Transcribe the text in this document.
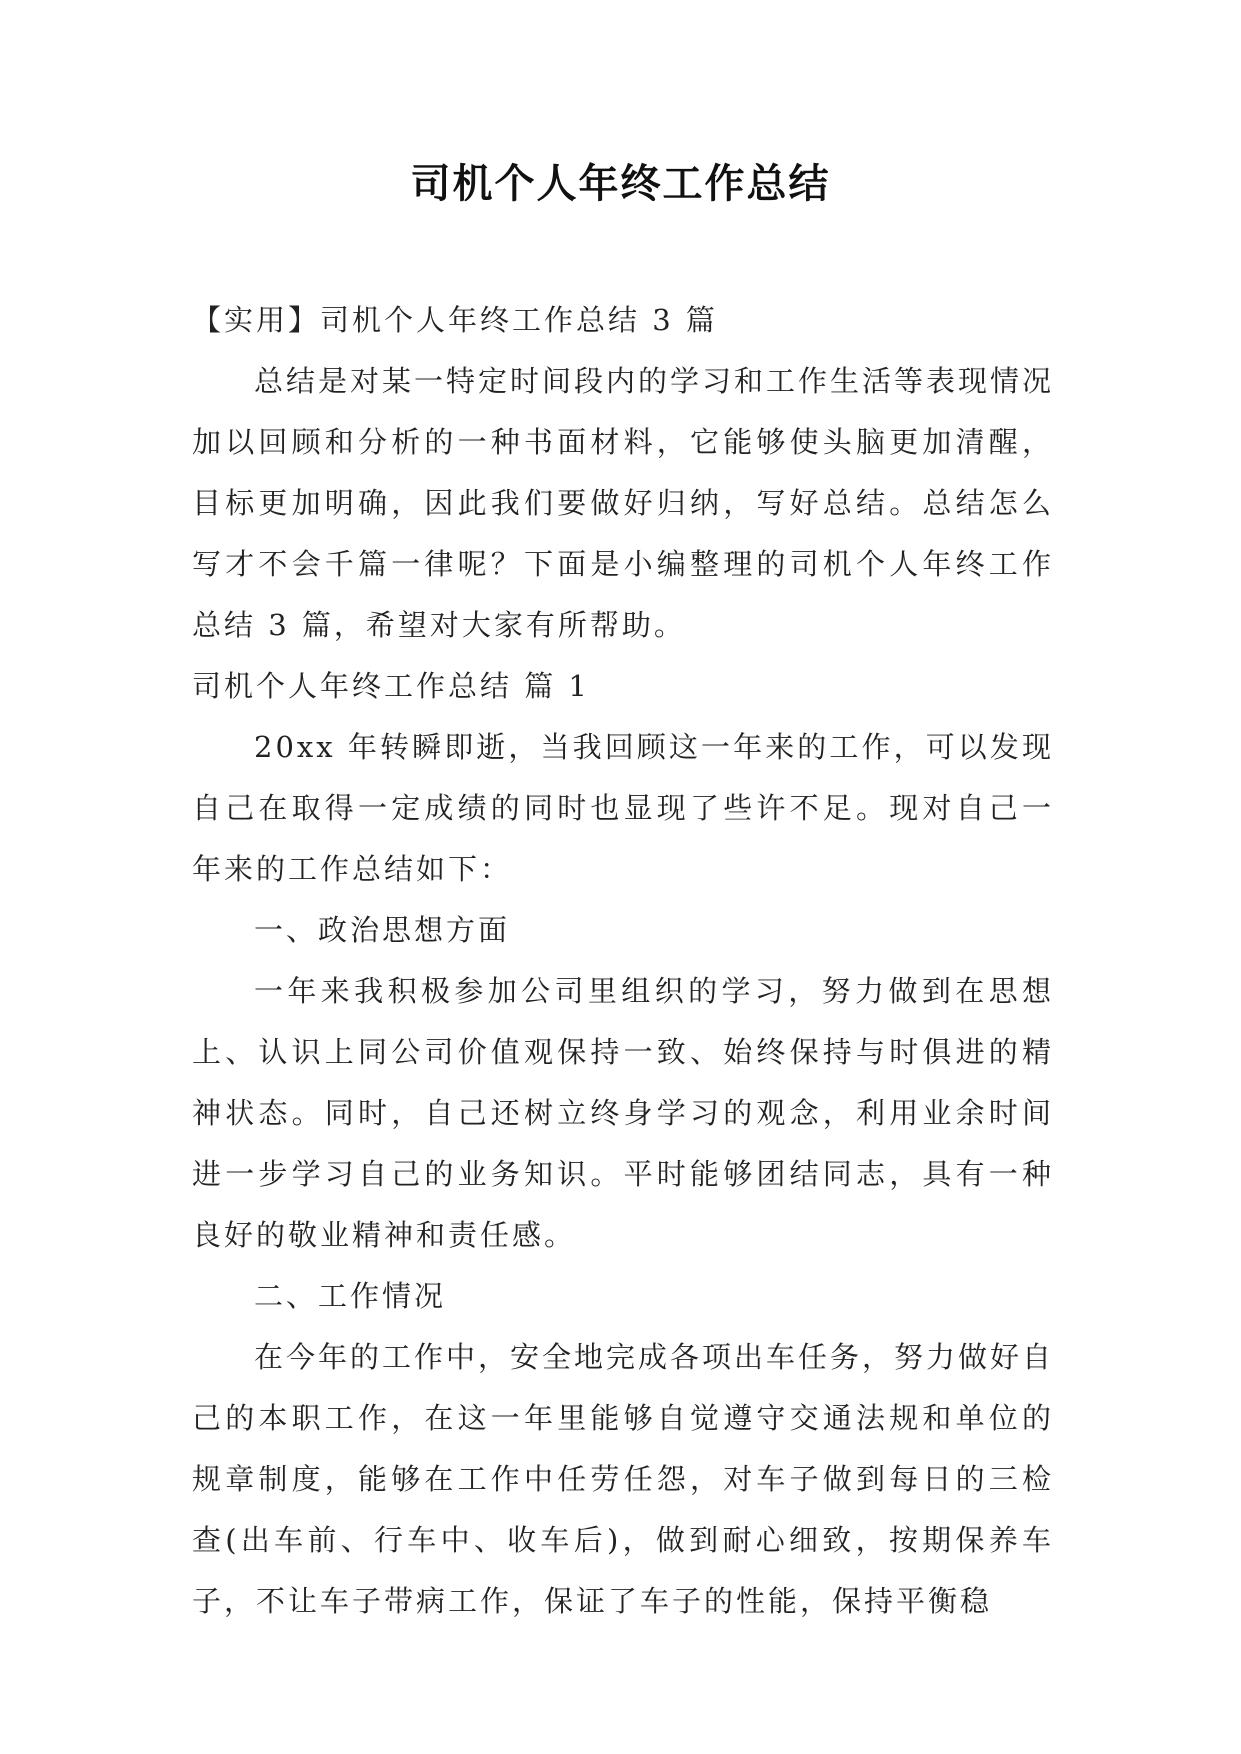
司机个人年终工作总结

【实用】司机个人年终工作总结 3 篇

总结是对某一特定时间段内的学习和工作生活等表现情况加以回顾和分析的一种书面材料，它能够使头脑更加清醒，目标更加明确，因此我们要做好归纳，写好总结。总结怎么写才不会千篇一律呢？下面是小编整理的司机个人年终工作总结 3 篇，希望对大家有所帮助。

司机个人年终工作总结 篇 1

20xx 年转瞬即逝，当我回顾这一年来的工作，可以发现自己在取得一定成绩的同时也显现了些许不足。现对自己一年来的工作总结如下：

一、政治思想方面

一年来我积极参加公司里组织的学习，努力做到在思想上、认识上同公司价值观保持一致、始终保持与时俱进的精神状态。同时，自己还树立终身学习的观念，利用业余时间进一步学习自己的业务知识。平时能够团结同志，具有一种良好的敬业精神和责任感。

二、工作情况

在今年的工作中，安全地完成各项出车任务，努力做好自己的本职工作，在这一年里能够自觉遵守交通法规和单位的规章制度，能够在工作中任劳任怨，对车子做到每日的三检查(出车前、行车中、收车后)，做到耐心细致，按期保养车子，不让车子带病工作，保证了车子的性能，保持平衡稳
